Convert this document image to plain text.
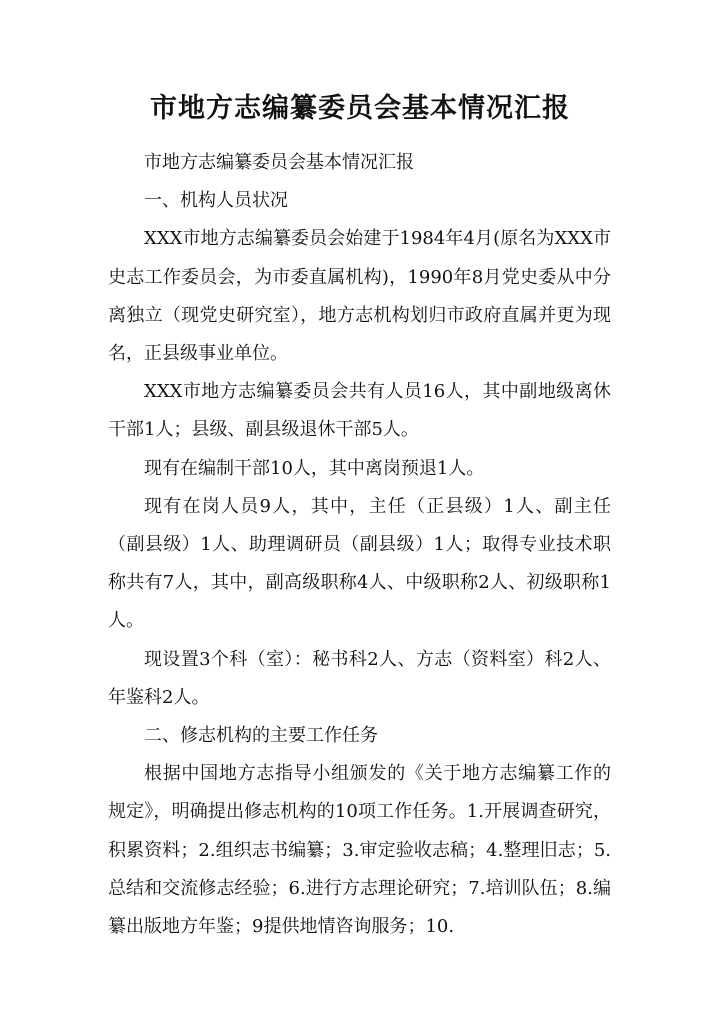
市地方志编纂委员会基本情况汇报

市地方志编纂委员会基本情况汇报

一、机构人员状况

XXX市地方志编纂委员会始建于1984年4月(原名为XXX市史志工作委员会，为市委直属机构)，1990年8月党史委从中分离独立（现党史研究室），地方志机构划归市政府直属并更为现名，正县级事业单位。

XXX市地方志编纂委员会共有人员16人，其中副地级离休干部1人；县级、副县级退休干部5人。

现有在编制干部10人，其中离岗预退1人。

现有在岗人员9人，其中，主任（正县级）1人、副主任（副县级）1人、助理调研员（副县级）1人；取得专业技术职称共有7人，其中，副高级职称4人、中级职称2人、初级职称1人。

现设置3个科（室）：秘书科2人、方志（资料室）科2人、年鉴科2人。

二、修志机构的主要工作任务

根据中国地方志指导小组颁发的《关于地方志编纂工作的规定》，明确提出修志机构的10项工作任务。1.开展调查研究，积累资料；2.组织志书编纂；3.审定验收志稿；4.整理旧志；5.总结和交流修志经验；6.进行方志理论研究；7.培训队伍；8.编纂出版地方年鉴；9提供地情咨询服务；10.
